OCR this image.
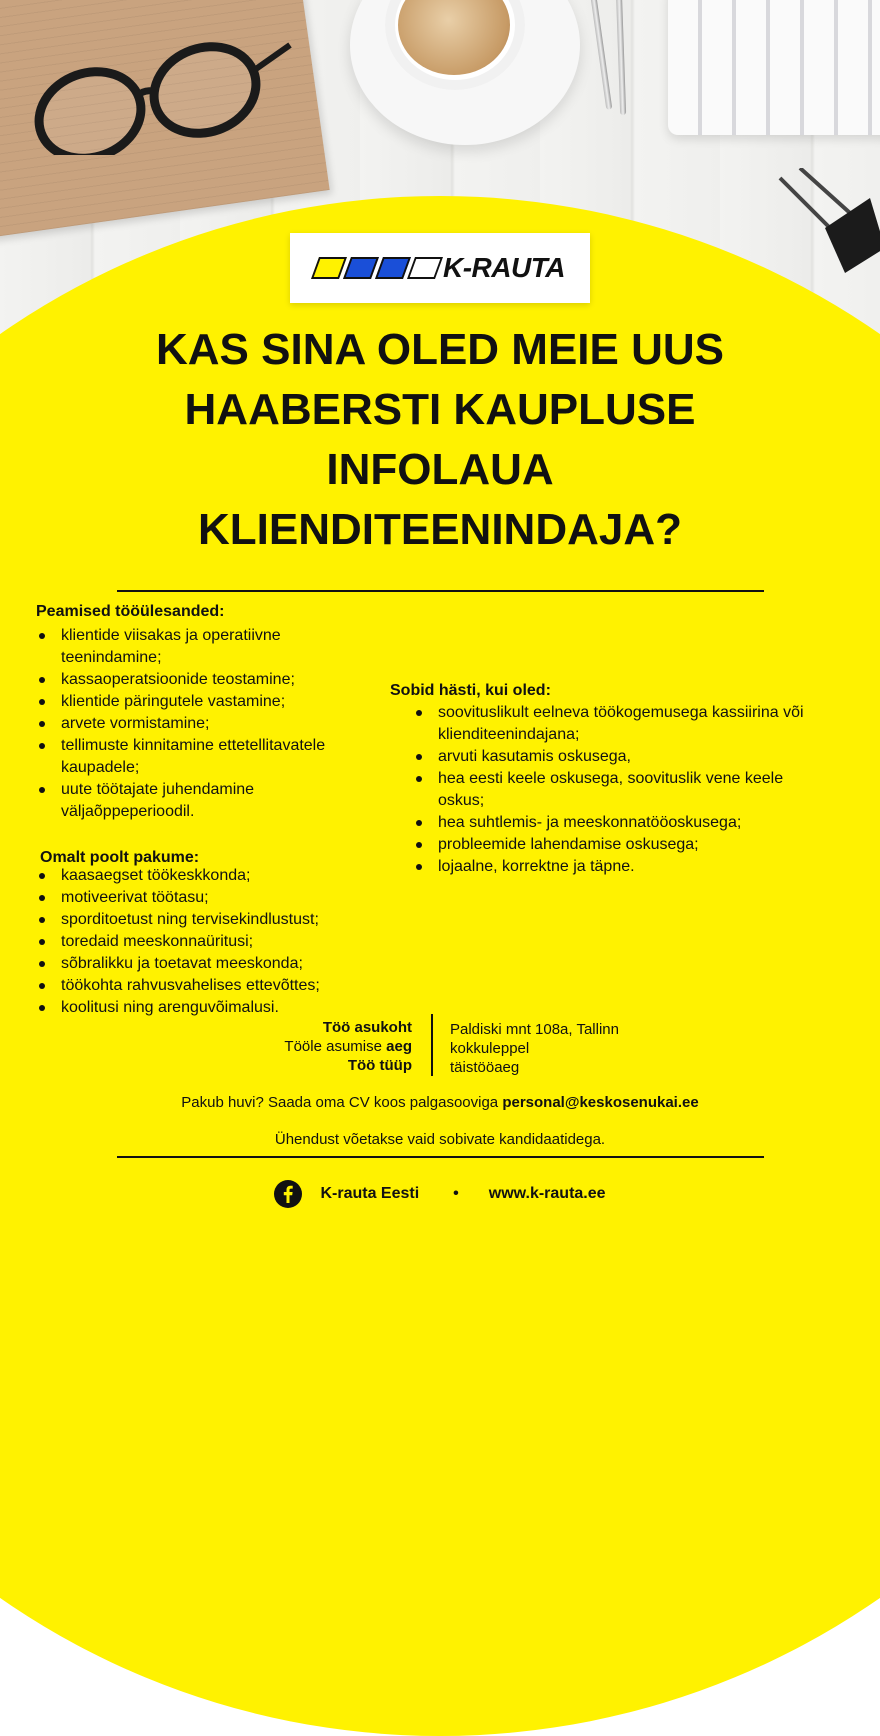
K-RAUTA
KAS SINA OLED MEIE UUS
HAABERSTI KAUPLUSE
INFOLAUA
KLIENDITEENINDAJA?
Peamised tööülesanded:
klientide viisakas ja operatiivne teenindamine;
kassaoperatsioonide teostamine;
klientide päringutele vastamine;
arvete vormistamine;
tellimuste kinnitamine ettetellitavatele kaupadele;
uute töötajate juhendamine väljaõppeperioodil.
Omalt poolt pakume:
kaasaegset töökeskkonda;
motiveerivat töötasu;
sporditoetust ning tervisekindlustust;
toredaid meeskonnaüritusi;
sõbralikku ja toetavat meeskonda;
töökohta rahvusvahelises ettevõttes;
koolitusi ning arenguvõimalusi.
Sobid hästi, kui oled:
soovituslikult eelneva töökogemusega kassiirina või klienditeenindajana;
arvuti kasutamis oskusega,
hea eesti keele oskusega, soovituslik vene keele oskus;
hea suhtlemis- ja meeskonnatööoskusega;
probleemide lahendamise oskusega;
lojaalne, korrektne ja täpne.
Töö asukoht
Tööle asumise aeg
Töö tüüp
Paldiski mnt 108a, Tallinn
kokkuleppel
täistööaeg
Pakub huvi? Saada oma CV koos palgasooviga personal@keskosenukai.ee
Ühendust võetakse vaid sobivate kandidaatidega.
K-rauta Eesti • www.k-rauta.ee
